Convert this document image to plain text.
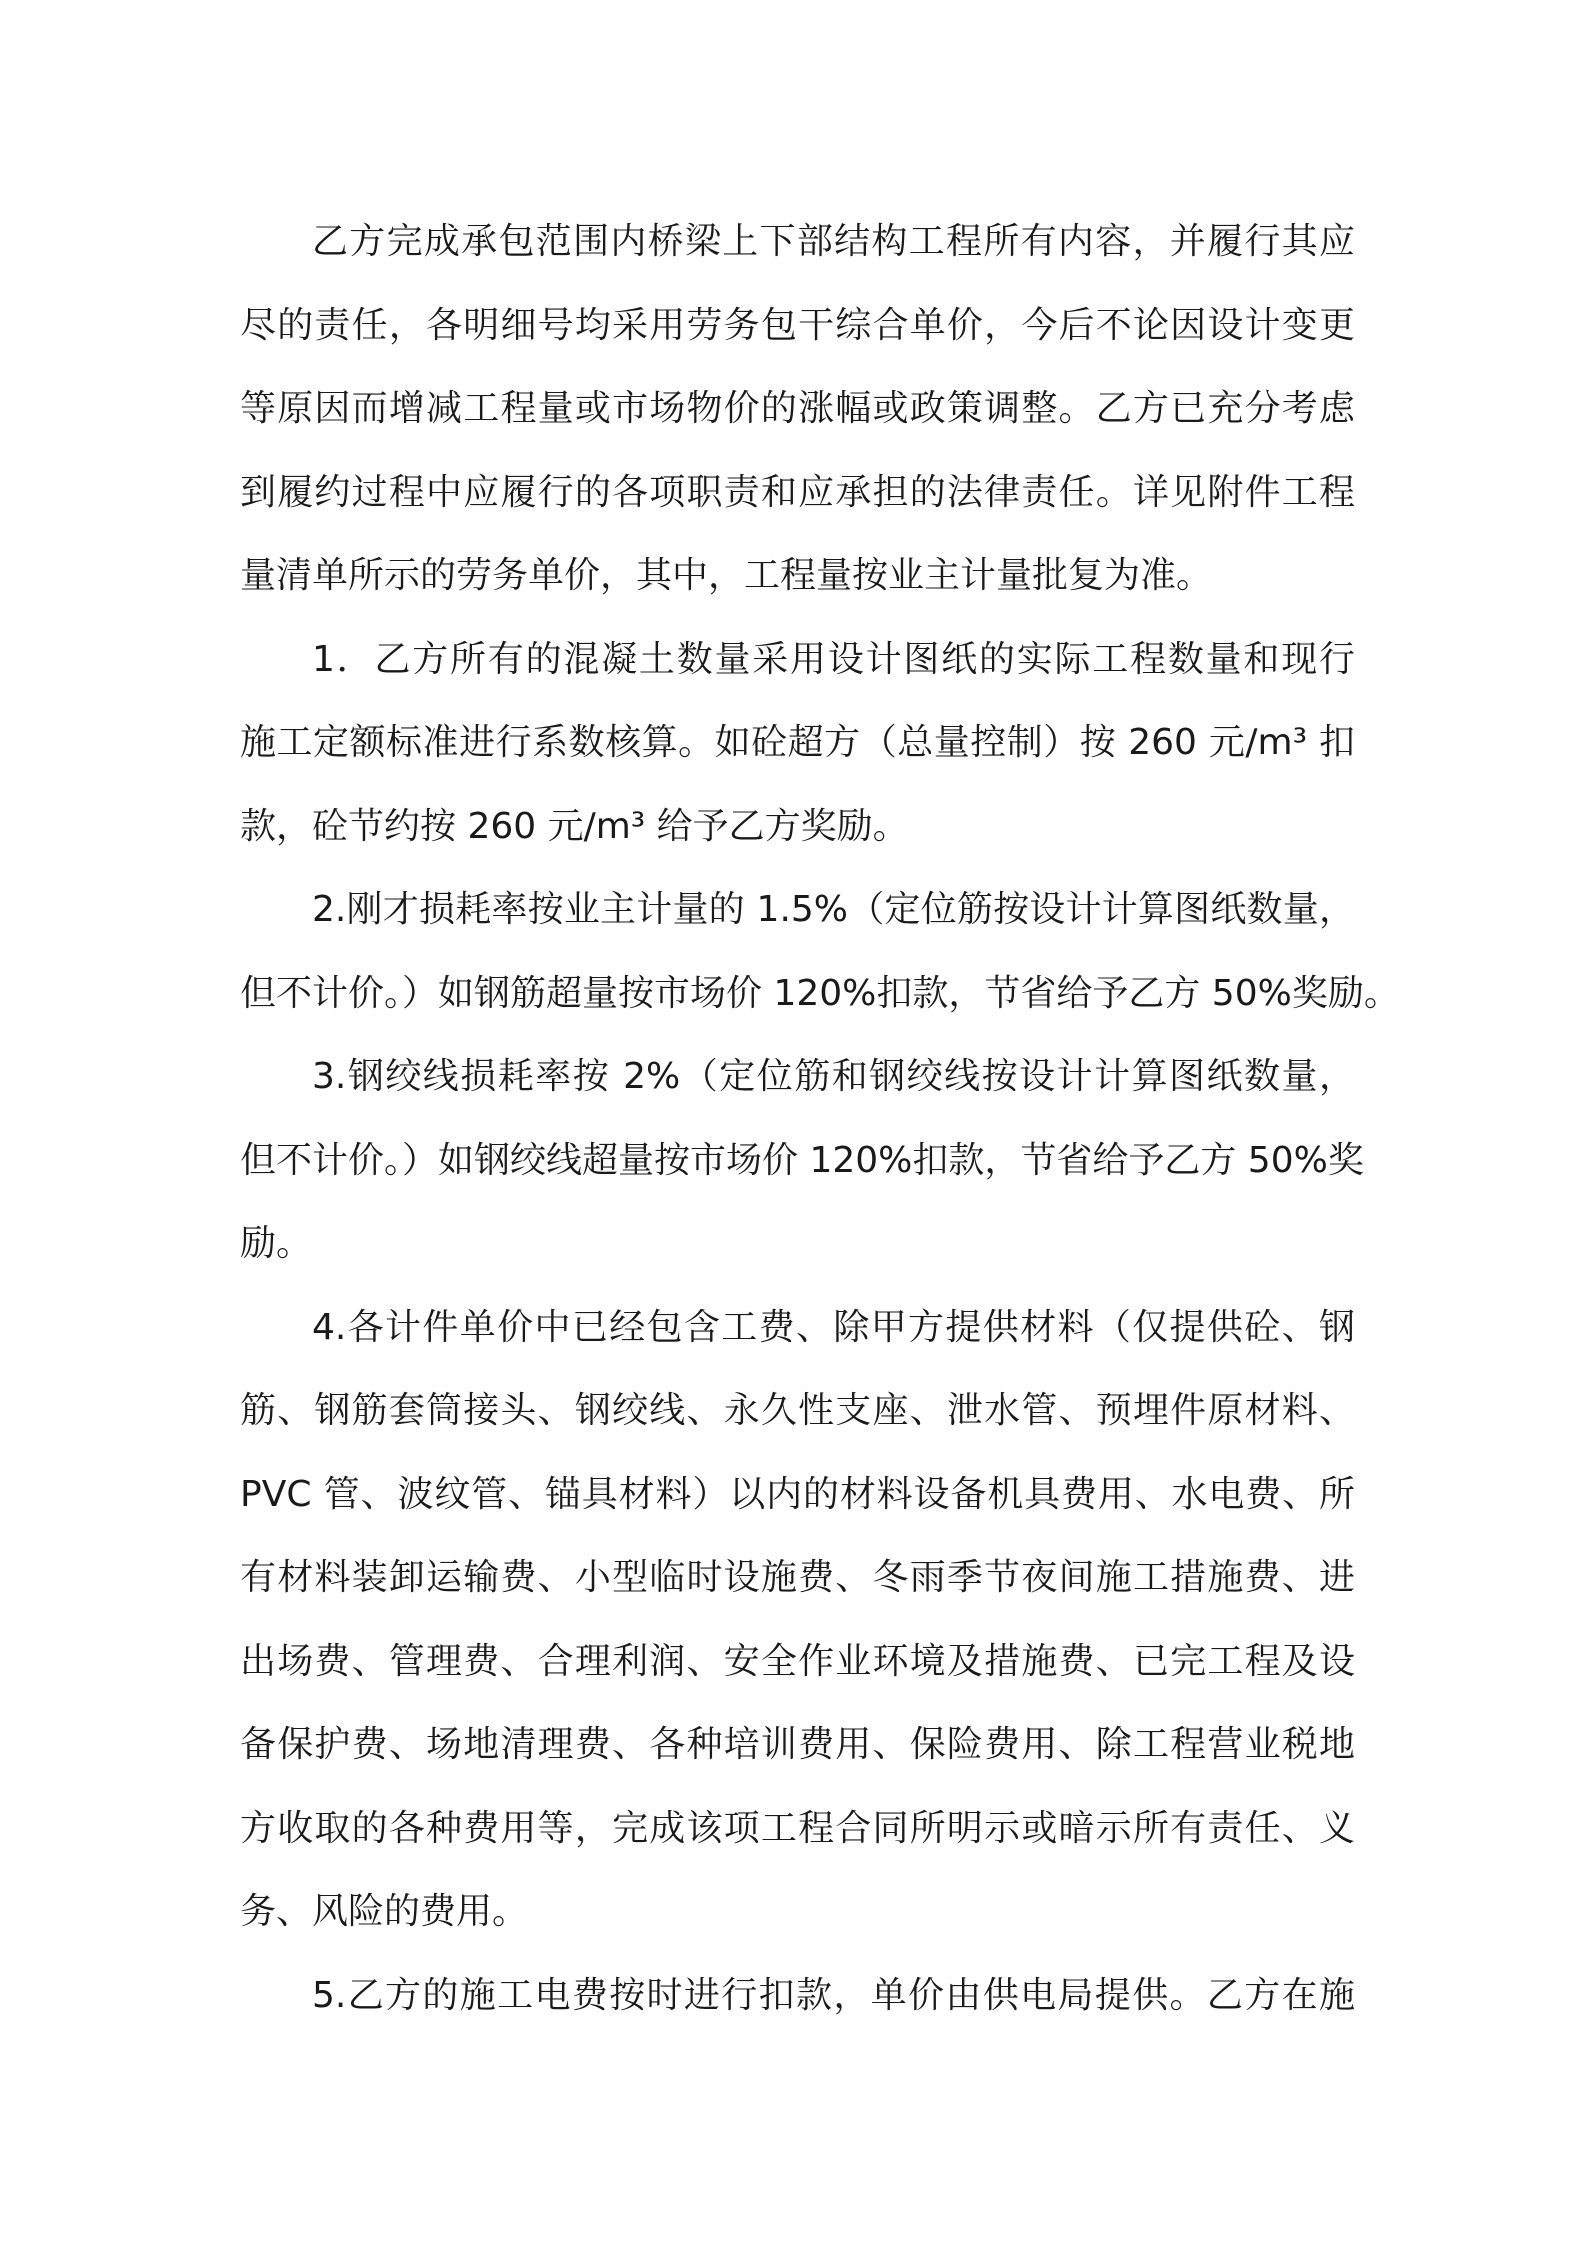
乙方完成承包范围内桥梁上下部结构工程所有内容，并履行其应
尽的责任，各明细号均采用劳务包干综合单价，今后不论因设计变更
等原因而增减工程量或市场物价的涨幅或政策调整。乙方已充分考虑
到履约过程中应履行的各项职责和应承担的法律责任。详见附件工程
量清单所示的劳务单价，其中，工程量按业主计量批复为准。

1．乙方所有的混凝土数量采用设计图纸的实际工程数量和现行
施工定额标准进行系数核算。如砼超方（总量控制）按 260 元/m³ 扣
款，砼节约按 260 元/m³ 给予乙方奖励。

2.刚才损耗率按业主计量的 1.5%（定位筋按设计计算图纸数量，
但不计价。）如钢筋超量按市场价 120%扣款，节省给予乙方 50%奖励。

3.钢绞线损耗率按 2%（定位筋和钢绞线按设计计算图纸数量，
但不计价。）如钢绞线超量按市场价 120%扣款，节省给予乙方 50%奖
励。

4.各计件单价中已经包含工费、除甲方提供材料（仅提供砼、钢
筋、钢筋套筒接头、钢绞线、永久性支座、泄水管、预埋件原材料、
PVC 管、波纹管、锚具材料）以内的材料设备机具费用、水电费、所
有材料装卸运输费、小型临时设施费、冬雨季节夜间施工措施费、进
出场费、管理费、合理利润、安全作业环境及措施费、已完工程及设
备保护费、场地清理费、各种培训费用、保险费用、除工程营业税地
方收取的各种费用等，完成该项工程合同所明示或暗示所有责任、义
务、风险的费用。

5.乙方的施工电费按时进行扣款，单价由供电局提供。乙方在施
